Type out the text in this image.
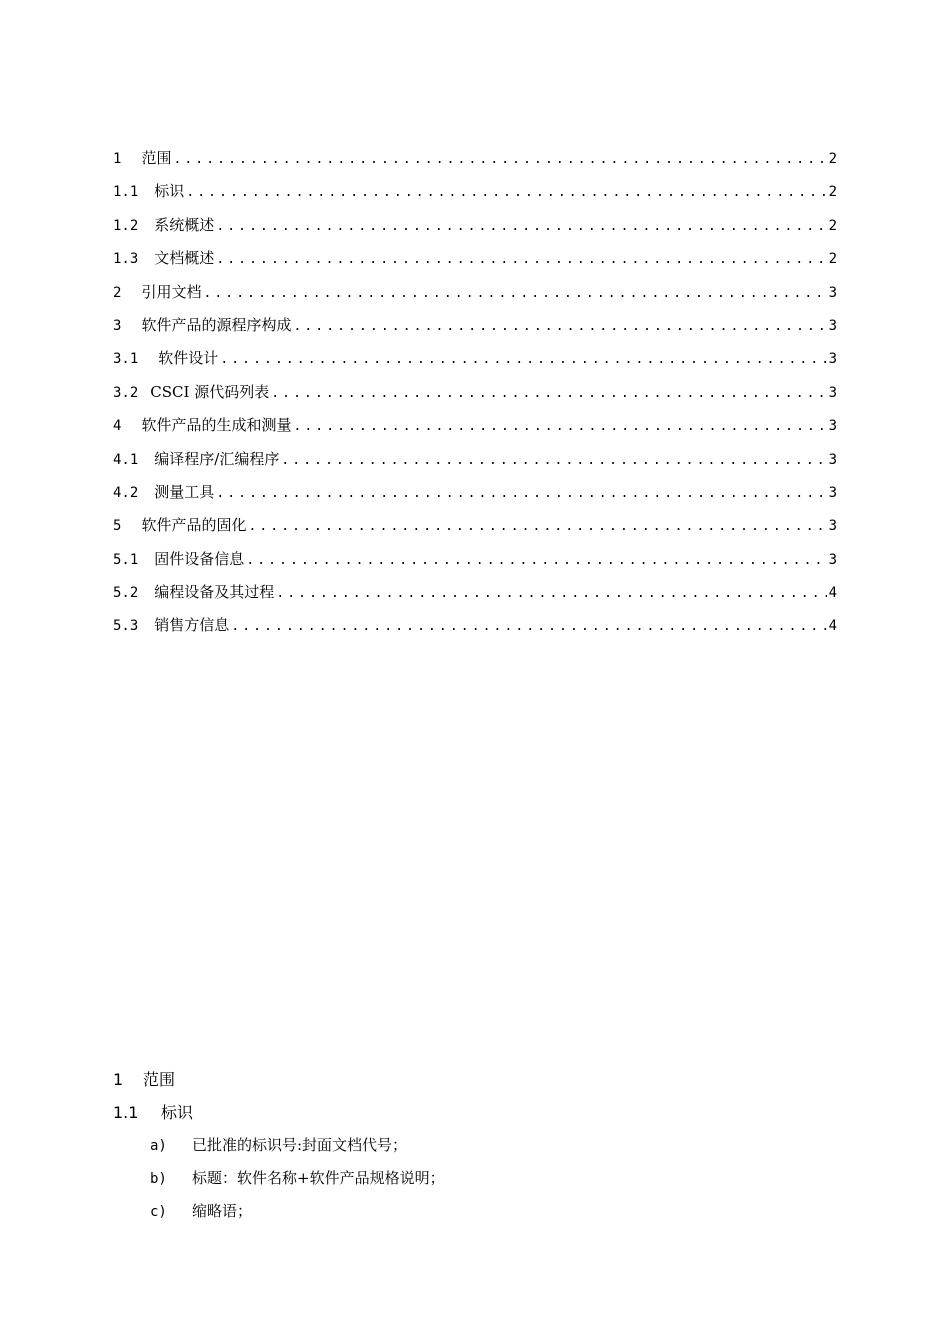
1 范围 .....	2
1.1 标识 .....	2
1.2 系统概述 .....	2
1.3 文档概述 .....	2
2 引用文档 .....	3
3 软件产品的源程序构成 .....	3
3.1 软件设计 .....	3
3.2 CSCI 源代码列表 .....	3
4 软件产品的生成和测量 .....	3
4.1 编译程序/汇编程序 .....	3
4.2 测量工具 .....	3
5 软件产品的固化 .....	3
5.1 固件设备信息 .....	3
5.2 编程设备及其过程 .....	4
5.3 销售方信息 .....	4
1 范围
1.1 标识
a) 已批准的标识号:封面文档代号；
b) 标题：软件名称+软件产品规格说明；
c) 缩略语；
